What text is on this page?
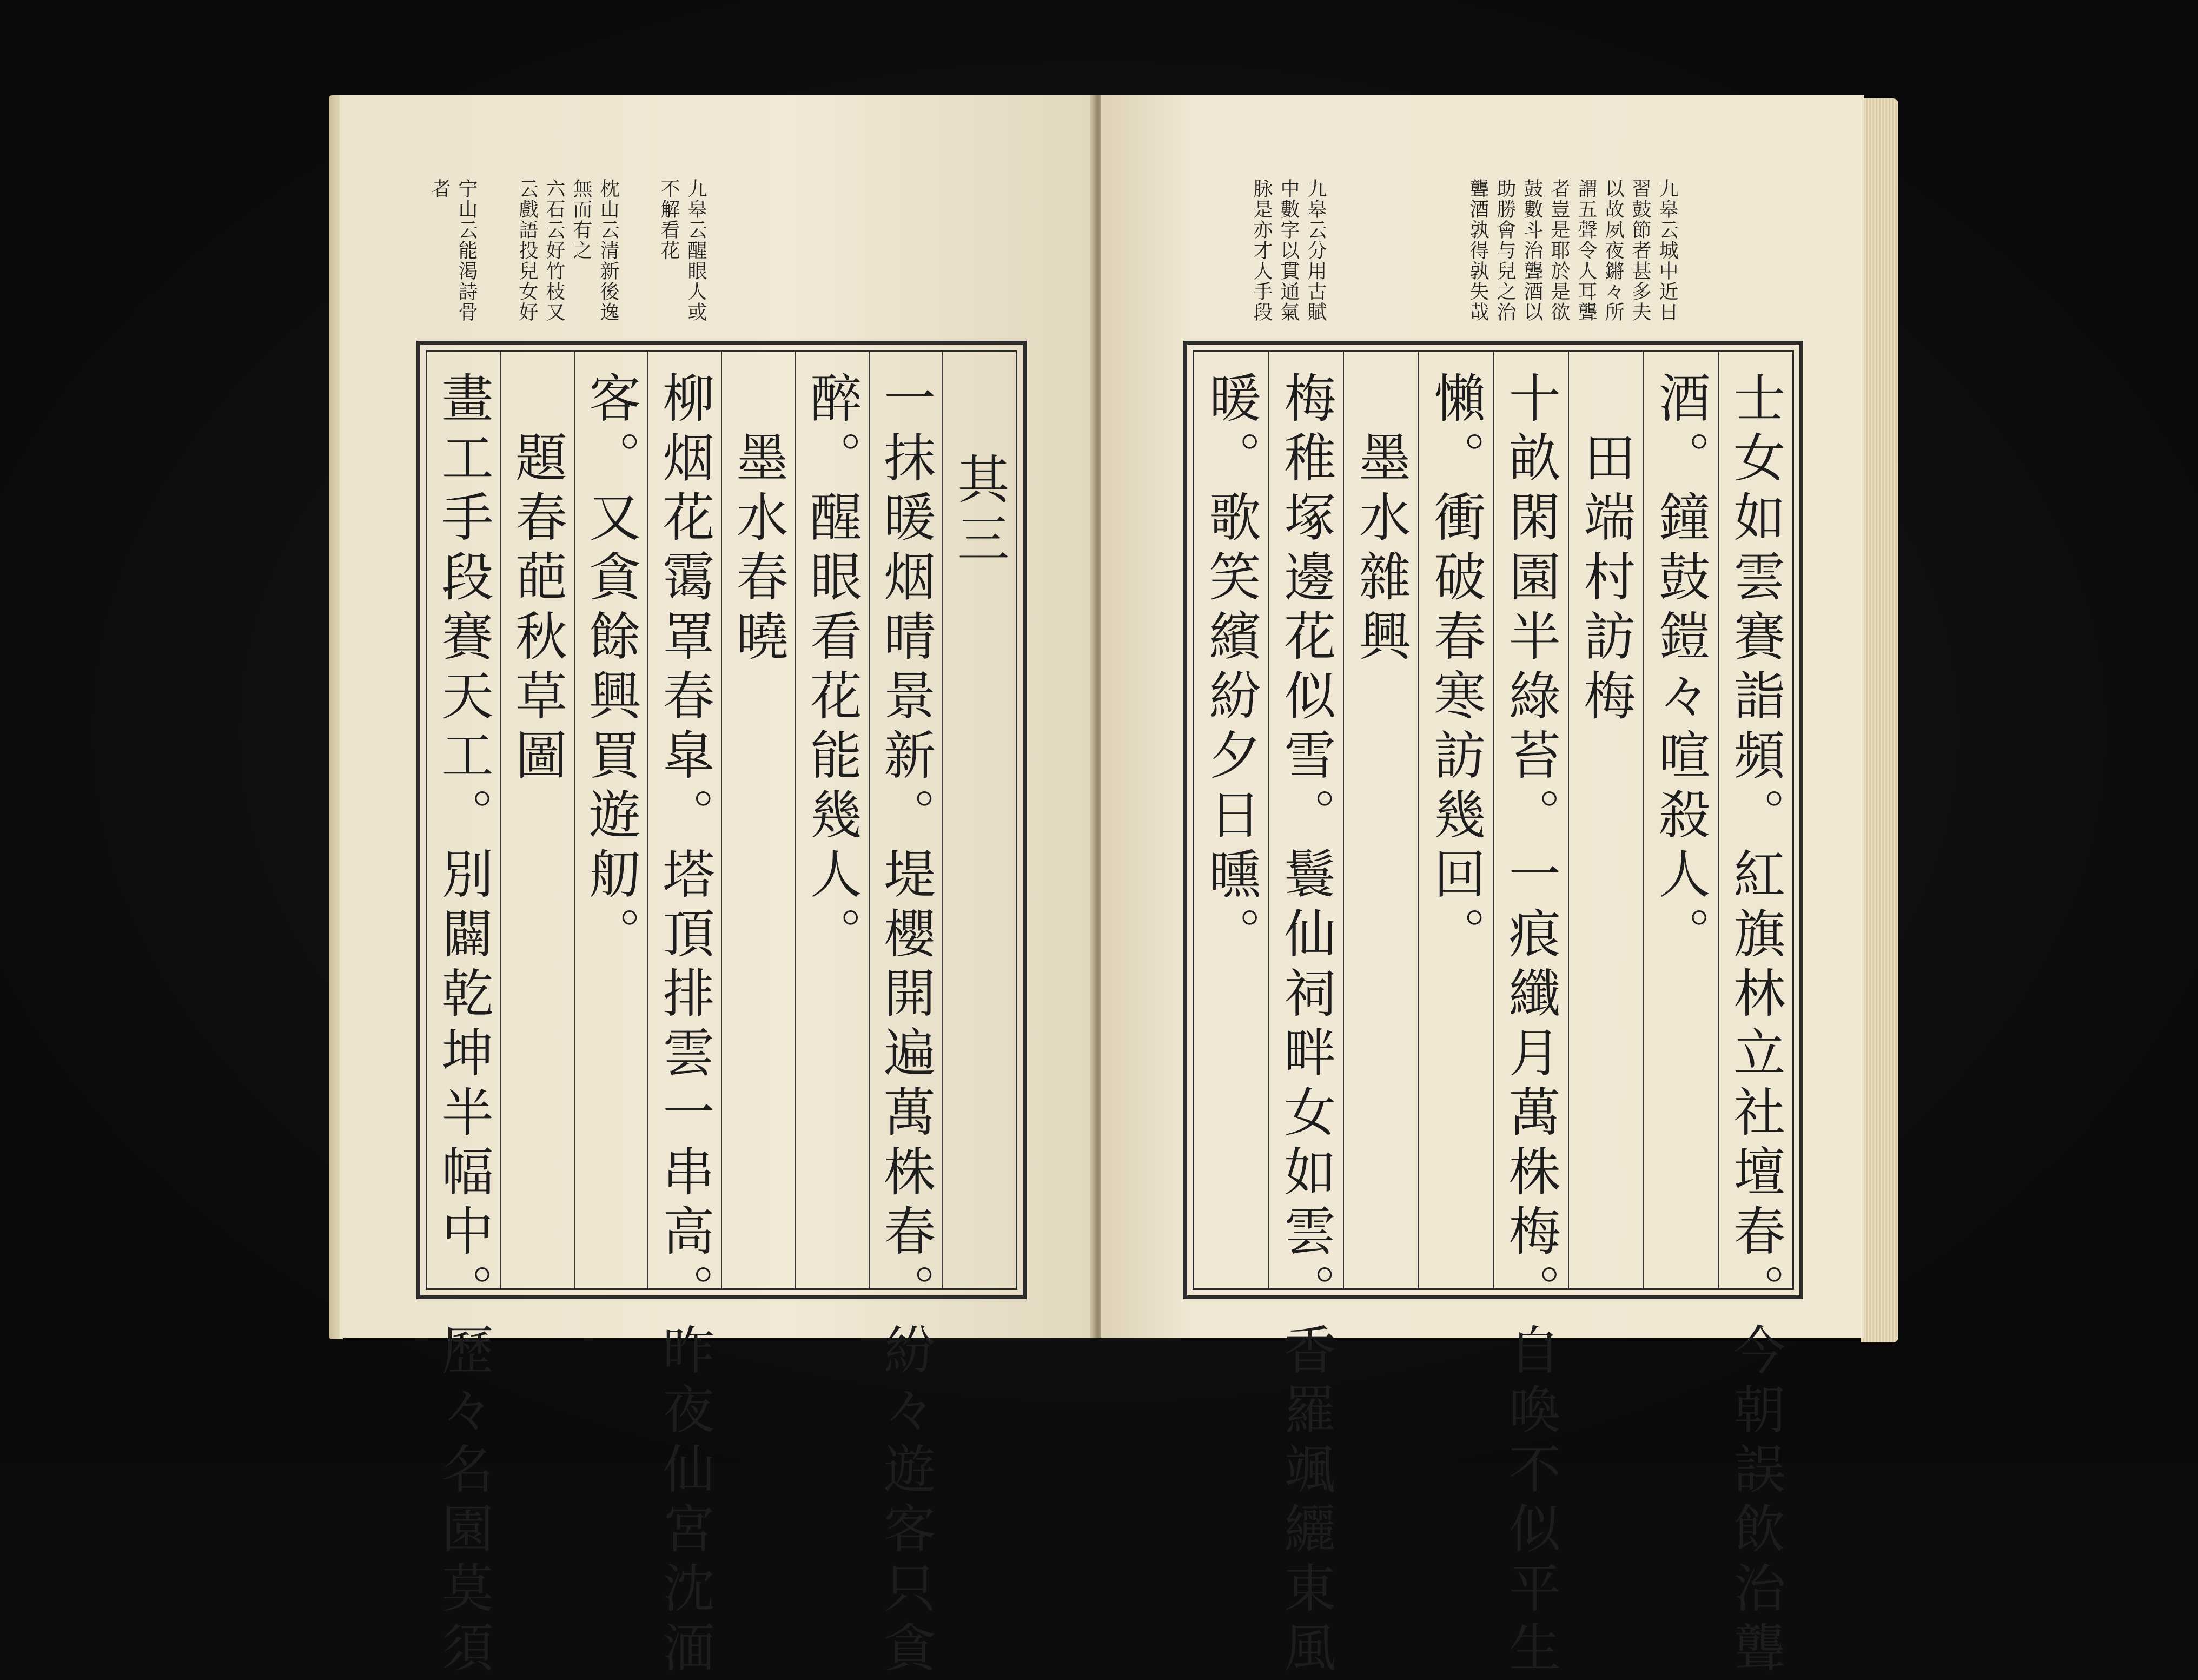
九皋云醒眼人或
不解看花
枕山云清新後逸
無而有之
六石云好竹枝又
云戲語投兒女好
宁山云能渇詩骨
者
其三
一抹暖烟晴景新。堤櫻開遍萬株春。紛々遊客只貪
醉。醒眼看花能幾人。
墨水春曉
柳烟花霭罩春皐。塔頂排雲一串高。昨夜仙宮沈湎
客。又貪餘興買遊舠。
題春葩秋草圖
畫工手段賽天工。別闢乾坤半幅中。歷々名園莫須
九皋云城中近日
習鼓節者甚多夫
以故夙夜鏘々所
謂五聲令人耳聾
者豈是耶於是欲
鼓數斗治聾酒以
助勝會与兒之治
聾酒孰得孰失哉
九皋云分用古賦
中數字以貫通氣
脉是亦才人手段
士女如雲賽詣頻。紅旗林立社壇春。今朝誤飲治聾
酒。鐘鼓鎧々喧殺人。
田端村訪梅
十畝閑園半綠苔。一痕纖月萬株梅。自喚不似平生
懶。衝破春寒訪幾回。
墨水雜興
梅稚塚邊花似雪。鬟仙祠畔女如雲。香羅颯纚東風
暖。歌笑繽紛夕日曛。
